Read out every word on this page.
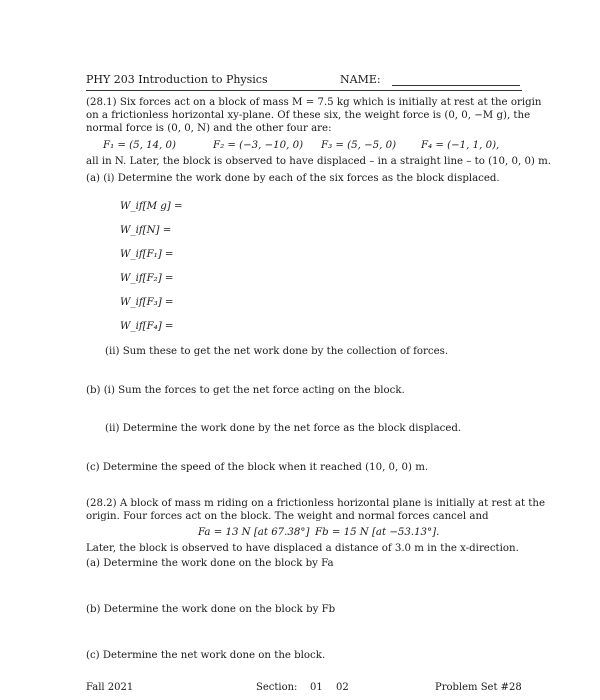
PHY 203 Introduction to Physics	NAME:
(28.1) Six forces act on a block of mass M = 7.5 kg which is initially at rest at the origin
on a frictionless horizontal xy-plane. Of these six, the weight force is (0, 0, −M g), the
normal force is (0, 0, N) and the other four are:
F₁ = (5, 14, 0)	F₂ = (−3, −10, 0) F₃ = (5, −5, 0) F₄ = (−1, 1, 0),
all in N. Later, the block is observed to have displaced – in a straight line – to (10, 0, 0) m.
(a) (i) Determine the work done by each of the six forces as the block displaced.
W_if[M g] =
W_if[N] =
W_if[F₁] =
W_if[F₂] =
W_if[F₃] =
W_if[F₄] =
(ii) Sum these to get the net work done by the collection of forces.
(b) (i) Sum the forces to get the net force acting on the block.
(ii) Determine the work done by the net force as the block displaced.
(c) Determine the speed of the block when it reached (10, 0, 0) m.
(28.2) A block of mass m riding on a frictionless horizontal plane is initially at rest at the
origin. Four forces act on the block. The weight and normal forces cancel and
Fa = 13 N [at 67.38°] Fb = 15 N [at −53.13°].
Later, the block is observed to have displaced a distance of 3.0 m in the x-direction.
(a) Determine the work done on the block by Fa
(b) Determine the work done on the block by Fb
(c) Determine the net work done on the block.
Fall 2021	Section: 01 02	Problem Set #28
